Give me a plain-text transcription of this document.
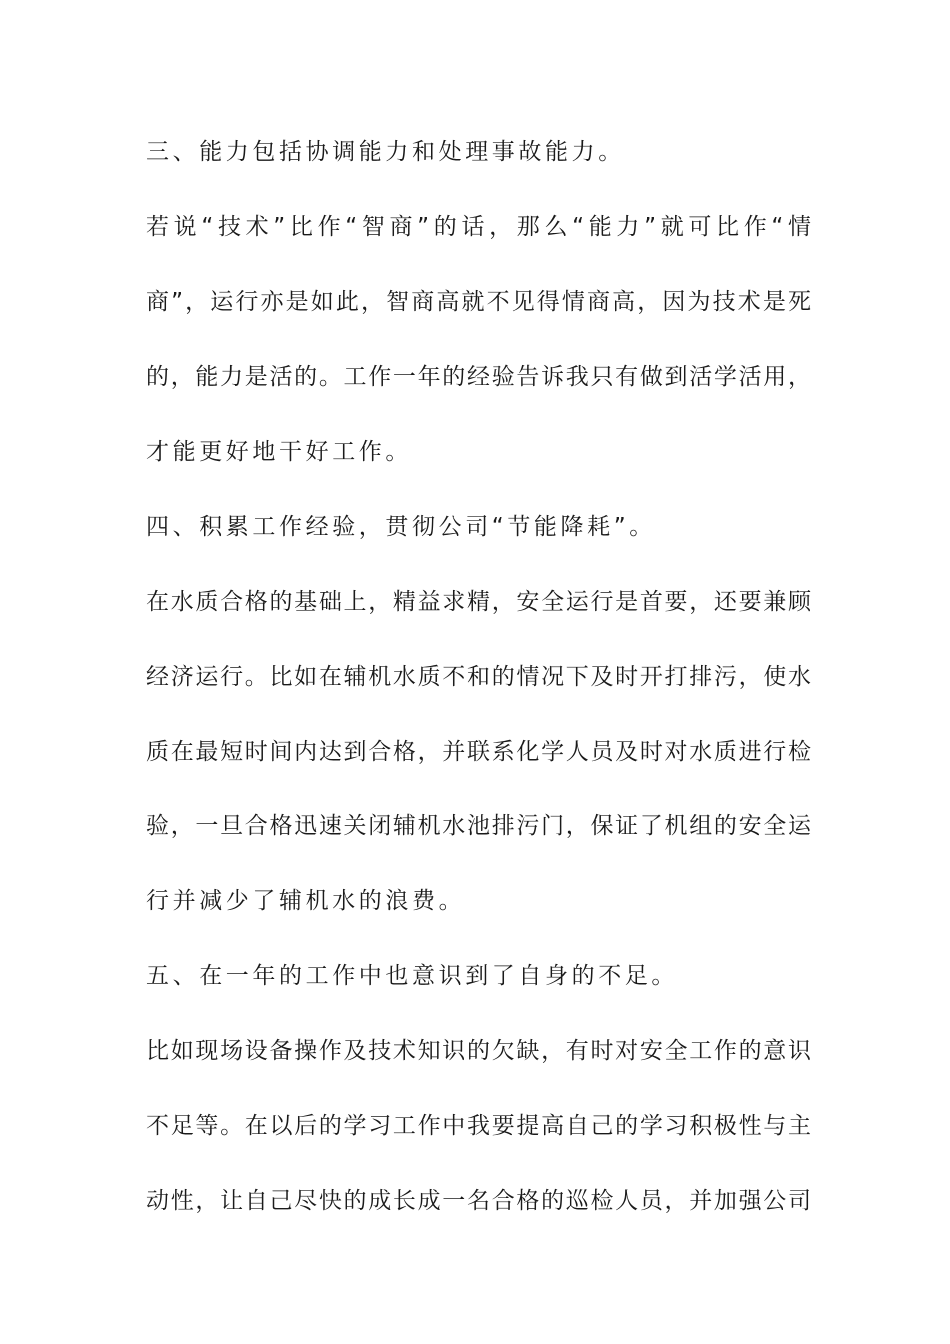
三、能力包括协调能力和处理事故能力。
若说“技术”比作“智商”的话，那么“能力”就可比作“情
商”，运行亦是如此，智商高就不见得情商高，因为技术是死
的，能力是活的。工作一年的经验告诉我只有做到活学活用，
才能更好地干好工作。
四、积累工作经验，贯彻公司“节能降耗”。
在水质合格的基础上，精益求精，安全运行是首要，还要兼顾
经济运行。比如在辅机水质不和的情况下及时开打排污，使水
质在最短时间内达到合格，并联系化学人员及时对水质进行检
验，一旦合格迅速关闭辅机水池排污门，保证了机组的安全运
行并减少了辅机水的浪费。
五、在一年的工作中也意识到了自身的不足。
比如现场设备操作及技术知识的欠缺，有时对安全工作的意识
不足等。在以后的学习工作中我要提高自己的学习积极性与主
动性，让自己尽快的成长成一名合格的巡检人员，并加强公司
